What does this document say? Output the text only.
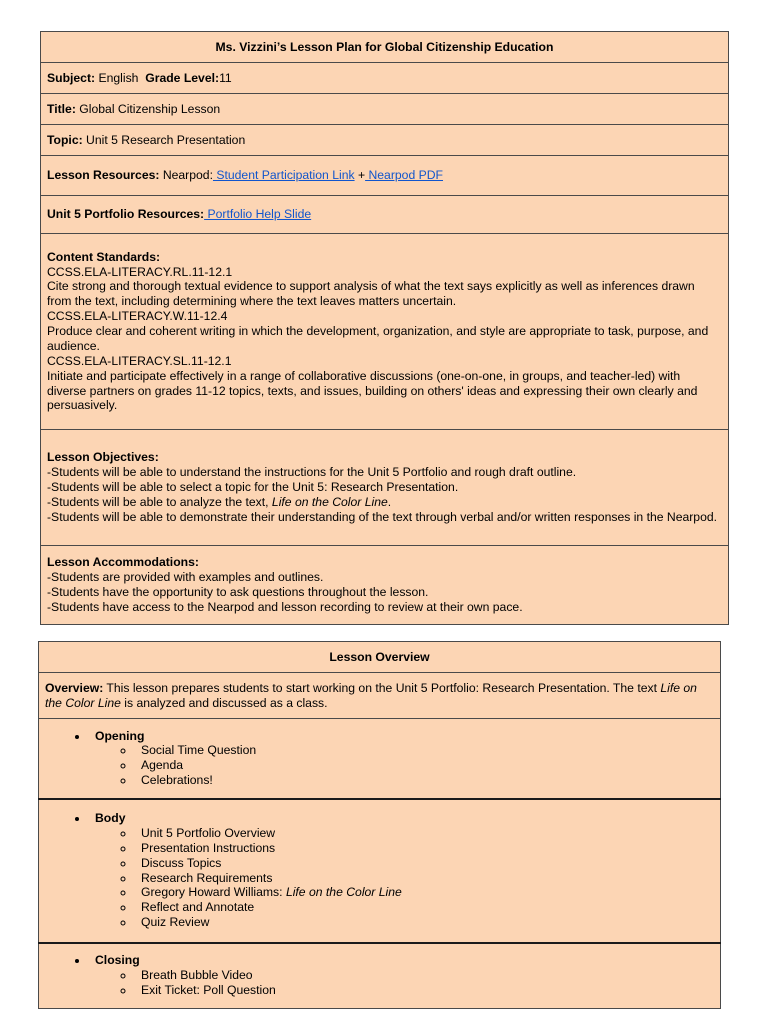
Ms. Vizzini’s Lesson Plan for Global Citizenship Education
Subject: English Grade Level:11
Title: Global Citizenship Lesson
Topic: Unit 5 Research Presentation
Lesson Resources: Nearpod: Student Participation Link + Nearpod PDF
Unit 5 Portfolio Resources: Portfolio Help Slide

Content Standards:
CCSS.ELA-LITERACY.RL.11-12.1
Cite strong and thorough textual evidence to support analysis of what the text says explicitly as well as inferences drawn from the text, including determining where the text leaves matters uncertain.
CCSS.ELA-LITERACY.W.11-12.4
Produce clear and coherent writing in which the development, organization, and style are appropriate to task, purpose, and audience.
CCSS.ELA-LITERACY.SL.11-12.1
Initiate and participate effectively in a range of collaborative discussions (one-on-one, in groups, and teacher-led) with diverse partners on grades 11-12 topics, texts, and issues, building on others' ideas and expressing their own clearly and persuasively.

Lesson Objectives:
-Students will be able to understand the instructions for the Unit 5 Portfolio and rough draft outline.
-Students will be able to select a topic for the Unit 5: Research Presentation.
-Students will be able to analyze the text, Life on the Color Line.
-Students will be able to demonstrate their understanding of the text through verbal and/or written responses in the Nearpod.

Lesson Accommodations:
-Students are provided with examples and outlines.
-Students have the opportunity to ask questions throughout the lesson.
-Students have access to the Nearpod and lesson recording to review at their own pace.
Lesson Overview
Overview: This lesson prepares students to start working on the Unit 5 Portfolio: Research Presentation. The text Life on the Color Line is analyzed and discussed as a class.

• Opening
◦ Social Time Question
◦ Agenda
◦ Celebrations!

• Body
◦ Unit 5 Portfolio Overview
◦ Presentation Instructions
◦ Discuss Topics
◦ Research Requirements
◦ Gregory Howard Williams: Life on the Color Line
◦ Reflect and Annotate
◦ Quiz Review

• Closing
◦ Breath Bubble Video
◦ Exit Ticket: Poll Question
